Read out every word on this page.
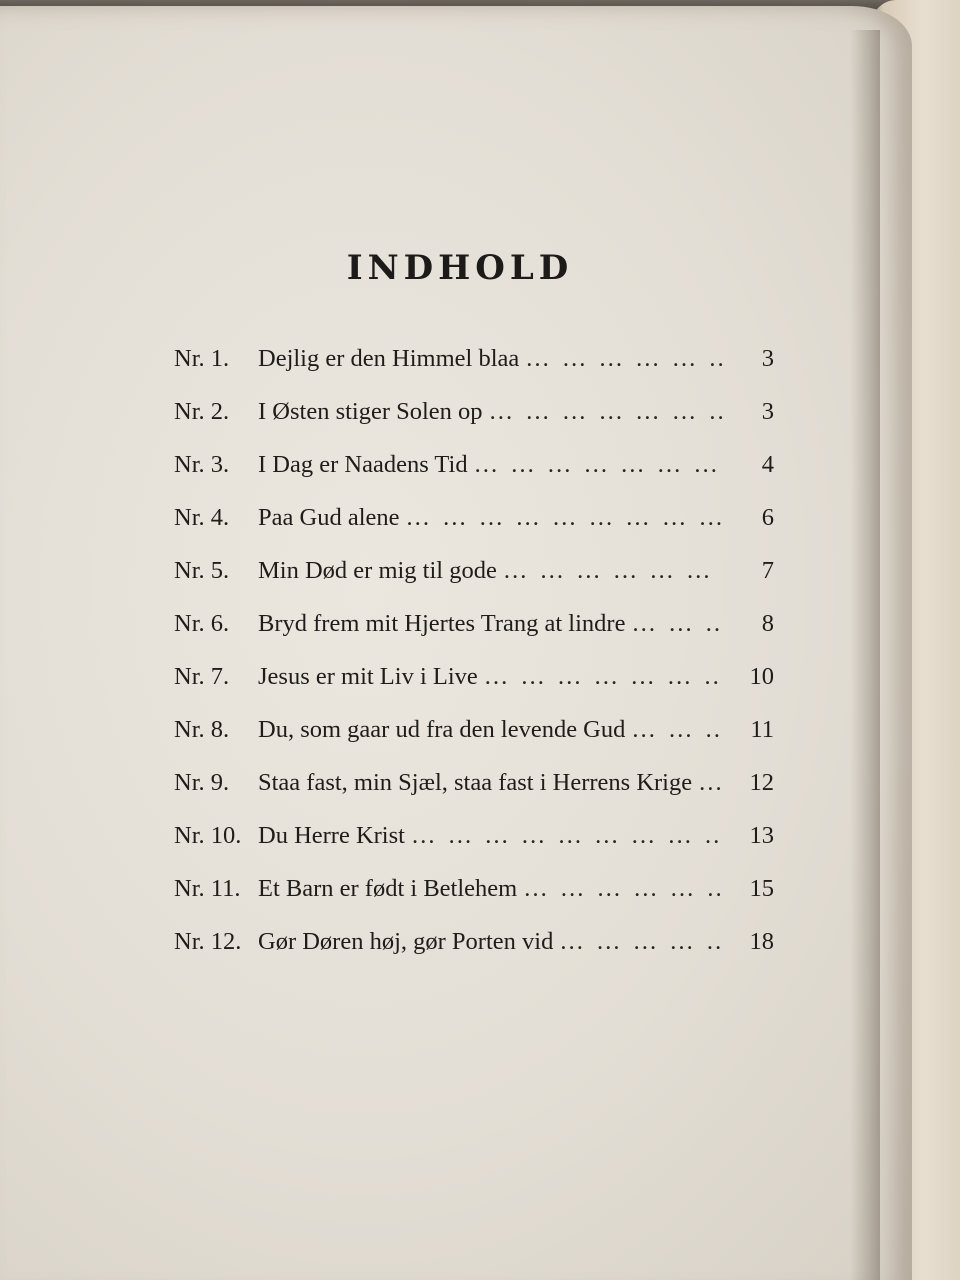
INDHOLD
Nr. 1.	Dejlig er den Himmel blaa … … … … … … … … … … … … … … …	3
Nr. 2.	I Østen stiger Solen op … … … … … … … … … … … … … … …	3
Nr. 3.	I Dag er Naadens Tid … … … … … … … … … … … … … … …	4
Nr. 4.	Paa Gud alene … … … … … … … … … … … … … … …	6
Nr. 5.	Min Død er mig til gode … … … … … … … … … … … … … … …	7
Nr. 6.	Bryd frem mit Hjertes Trang at lindre … … … … … … … … … … … … … … …	8
Nr. 7.	Jesus er mit Liv i Live … … … … … … … … … … … … … … …	10
Nr. 8.	Du, som gaar ud fra den levende Gud … … … … … … … … … … … … … … …	11
Nr. 9.	Staa fast, min Sjæl, staa fast i Herrens Krige … … … … … … … … … … … … … … …	12
Nr. 10. Du Herre Krist … … … … … … … … … … … … … … …	13
Nr. 11. Et Barn er født i Betlehem … … … … … … … … … … … … … … …	15
Nr. 12. Gør Døren høj, gør Porten vid … … … … … … … … … … … … … … …	18
